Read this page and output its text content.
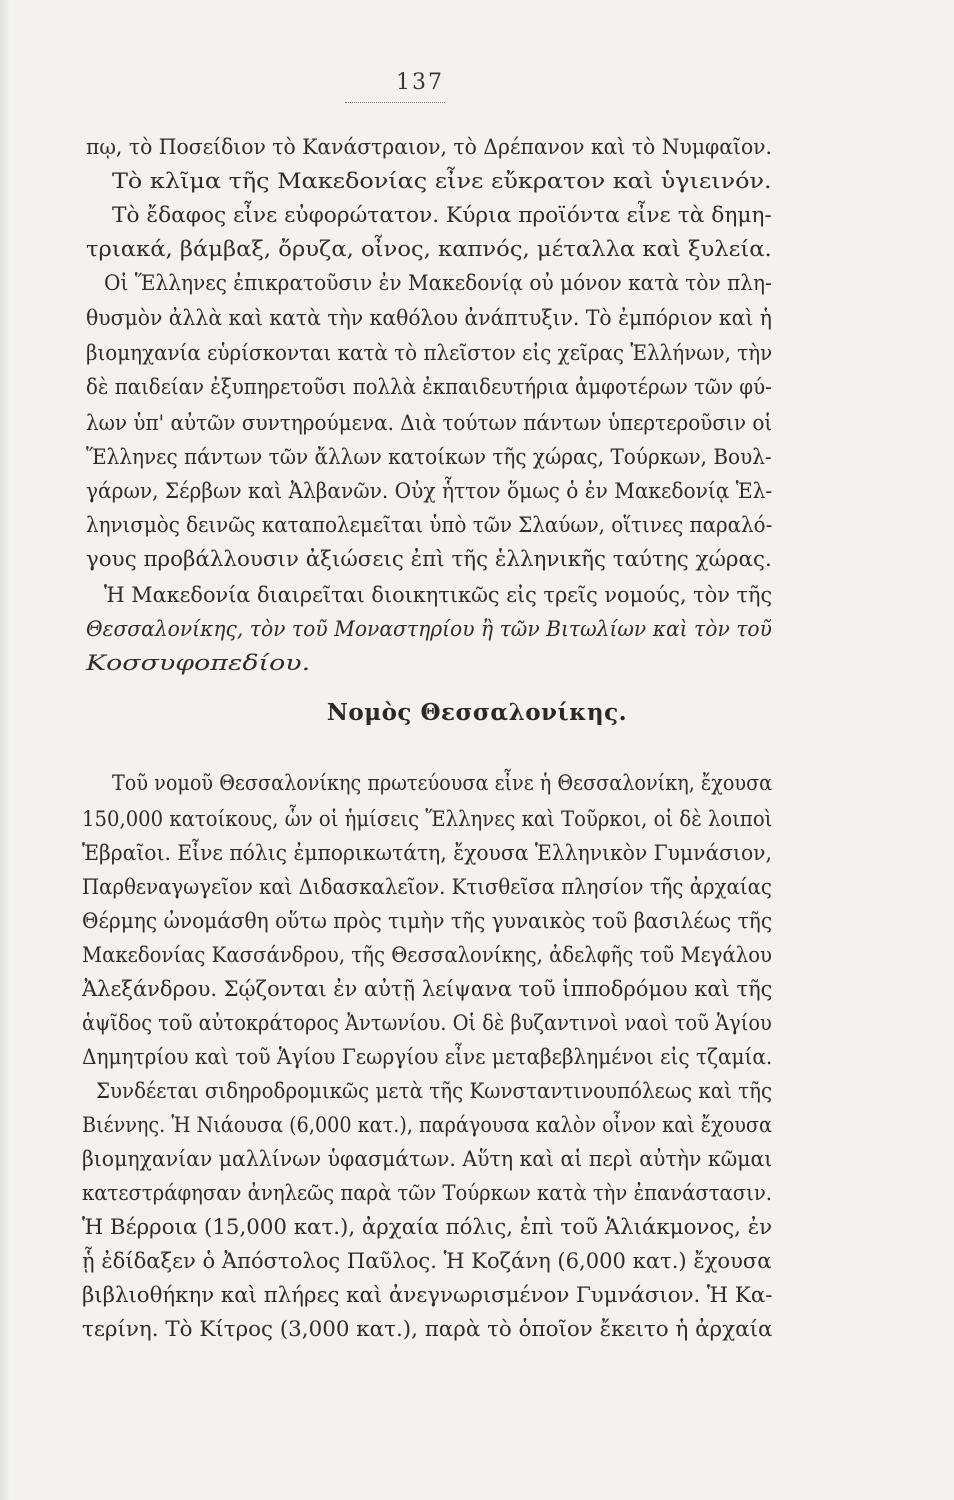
137
πῳ, τὸ Ποσείδιον τὸ Κανάστραιον, τὸ Δρέπανον καὶ τὸ Νυμφαῖον.
Τὸ κλῖμα τῆς Μακεδονίας εἶνε εὔκρατον καὶ ὑγιεινόν.
Τὸ ἔδαφος εἶνε εὐφορώτατον. Κύρια προϊόντα εἶνε τὰ δημη-
τριακά, βάμβαξ, ὄρυζα, οἶνος, καπνός, μέταλλα καὶ ξυλεία.
Οἱ Ἕλληνες ἐπικρατοῦσιν ἐν Μακεδονίᾳ οὐ μόνον κατὰ τὸν πλη-
θυσμὸν ἀλλὰ καὶ κατὰ τὴν καθόλου ἀνάπτυξιν. Τὸ ἐμπόριον καὶ ἡ
βιομηχανία εὑρίσκονται κατὰ τὸ πλεῖστον εἰς χεῖρας Ἑλλήνων, τὴν
δὲ παιδείαν ἐξυπηρετοῦσι πολλὰ ἐκπαιδευτήρια ἀμφοτέρων τῶν φύ-
λων ὑπ' αὐτῶν συντηρούμενα. Διὰ τούτων πάντων ὑπερτεροῦσιν οἱ
Ἕλληνες πάντων τῶν ἄλλων κατοίκων τῆς χώρας, Τούρκων, Βουλ-
γάρων, Σέρβων καὶ Ἀλβανῶν. Οὐχ ἧττον ὅμως ὁ ἐν Μακεδονίᾳ Ἑλ-
ληνισμὸς δεινῶς καταπολεμεῖται ὑπὸ τῶν Σλαύων, οἵτινες παραλό-
γους προβάλλουσιν ἀξιώσεις ἐπὶ τῆς ἑλληνικῆς ταύτης χώρας.
Ἡ Μακεδονία διαιρεῖται διοικητικῶς εἰς τρεῖς νομούς, τὸν τῆς
Θεσσαλονίκης, τὸν τοῦ Μοναστηρίου ἢ τῶν Βιτωλίων καὶ τὸν τοῦ
Κοσσυφοπεδίου.
Νομὸς Θεσσαλονίκης.
Τοῦ νομοῦ Θεσσαλονίκης πρωτεύουσα εἶνε ἡ Θεσσαλονίκη, ἔχουσα
150,000 κατοίκους, ὧν οἱ ἡμίσεις Ἕλληνες καὶ Τοῦρκοι, οἱ δὲ λοιποὶ
Ἑβραῖοι. Εἶνε πόλις ἐμπορικωτάτη, ἔχουσα Ἑλληνικὸν Γυμνάσιον,
Παρθεναγωγεῖον καὶ Διδασκαλεῖον. Κτισθεῖσα πλησίον τῆς ἀρχαίας
Θέρμης ὠνομάσθη οὕτω πρὸς τιμὴν τῆς γυναικὸς τοῦ βασιλέως τῆς
Μακεδονίας Κασσάνδρου, τῆς Θεσσαλονίκης, ἀδελφῆς τοῦ Μεγάλου
Ἀλεξάνδρου. Σῴζονται ἐν αὐτῇ λείψανα τοῦ ἱπποδρόμου καὶ τῆς
ἁψῖδος τοῦ αὐτοκράτορος Ἀντωνίου. Οἱ δὲ βυζαντινοὶ ναοὶ τοῦ Ἁγίου
Δημητρίου καὶ τοῦ Ἁγίου Γεωργίου εἶνε μεταβεβλημένοι εἰς τζαμία.
Συνδέεται σιδηροδρομικῶς μετὰ τῆς Κωνσταντινουπόλεως καὶ τῆς
Βιέννης. Ἡ Νιάουσα (6,000 κατ.), παράγουσα καλὸν οἶνον καὶ ἔχουσα
βιομηχανίαν μαλλίνων ὑφασμάτων. Αὕτη καὶ αἱ περὶ αὐτὴν κῶμαι
κατεστράφησαν ἀνηλεῶς παρὰ τῶν Τούρκων κατὰ τὴν ἐπανάστασιν.
Ἡ Βέρροια (15,000 κατ.), ἀρχαία πόλις, ἐπὶ τοῦ Ἁλιάκμονος, ἐν
ᾗ ἐδίδαξεν ὁ Ἀπόστολος Παῦλος. Ἡ Κοζάνη (6,000 κατ.) ἔχουσα
βιβλιοθήκην καὶ πλήρες καὶ ἀνεγνωρισμένον Γυμνάσιον. Ἡ Κα-
τερίνη. Τὸ Κίτρος (3,000 κατ.), παρὰ τὸ ὁποῖον ἔκειτο ἡ ἀρχαία
